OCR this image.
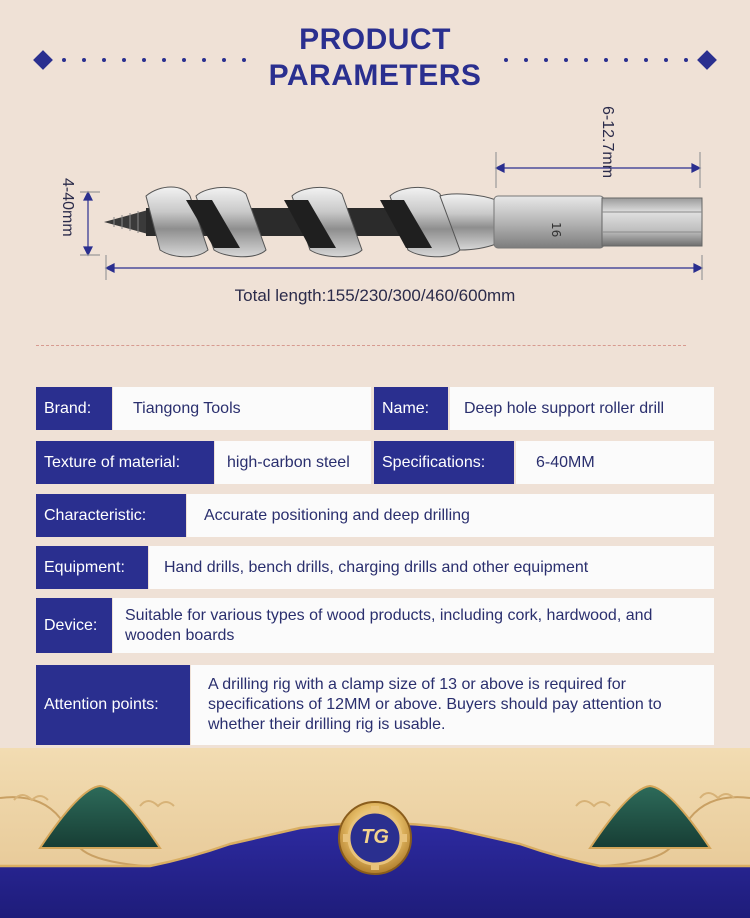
PRODUCT
PARAMETERS
16
4-40mm
6-12.7mm
Total length:155/230/300/460/600mm
Brand:	Tiangong Tools	Name:	Deep hole support roller drill
Texture of material:	high-carbon steel	Specifications:	6-40MM
Characteristic:	Accurate positioning and deep drilling
Equipment:	Hand drills, bench drills, charging drills and other equipment
Device:
Suitable for various types of wood products, including cork, hardwood, and wooden boards
Attention points:
A drilling rig with a clamp size of 13 or above is required for specifications of 12MM or above. Buyers should pay attention to whether their drilling rig is usable.
TG
